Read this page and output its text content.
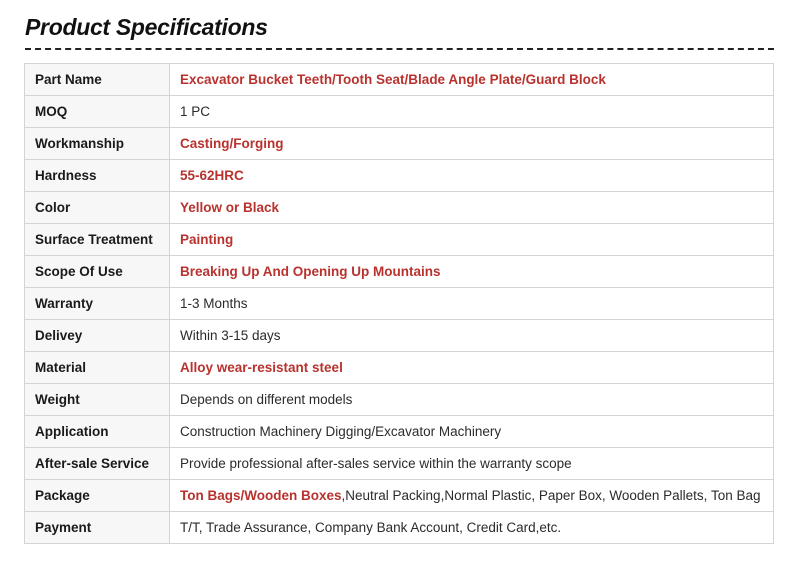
Product Specifications
Part Name	Excavator Bucket Teeth/Tooth Seat/Blade Angle Plate/Guard Block
MOQ	1 PC
Workmanship	Casting/Forging
Hardness	55-62HRC
Color	Yellow or Black
Surface Treatment	Painting
Scope Of Use	Breaking Up And Opening Up Mountains
Warranty	1-3 Months
Delivey	Within 3-15 days
Material	Alloy wear-resistant steel
Weight	Depends on different models
Application	Construction Machinery Digging/Excavator Machinery
After-sale Service	Provide professional after-sales service within the warranty scope
Package	Ton Bags/Wooden Boxes,Neutral Packing,Normal Plastic, Paper Box, Wooden Pallets, Ton Bag
Payment	T/T, Trade Assurance, Company Bank Account, Credit Card,etc.
